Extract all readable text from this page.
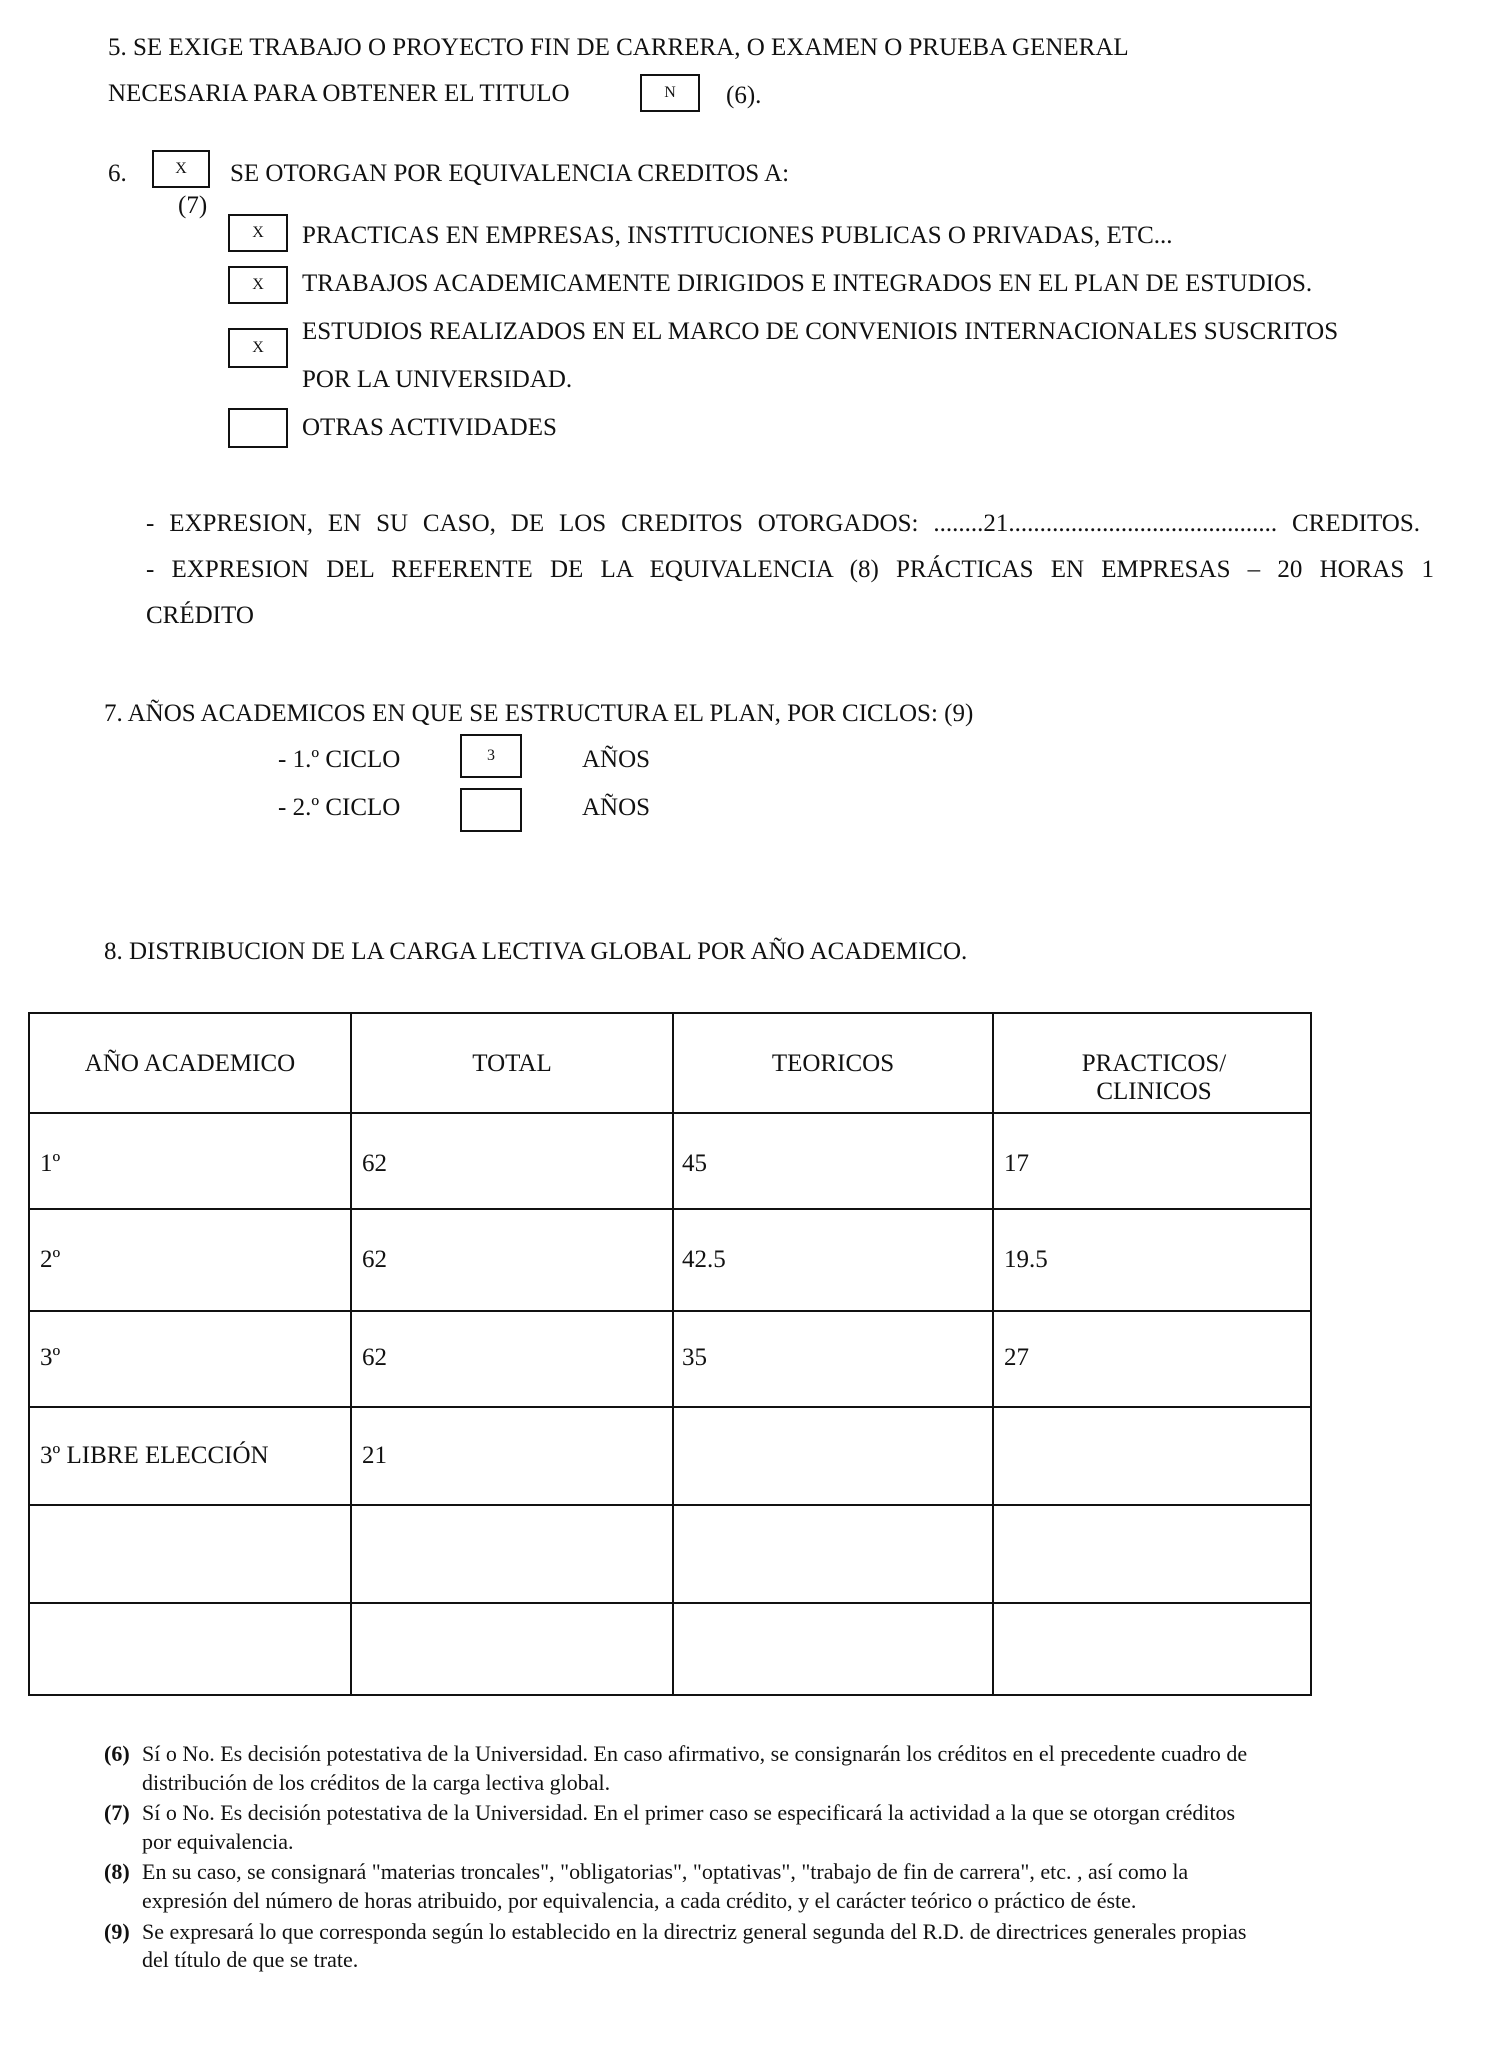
5. SE EXIGE TRABAJO O PROYECTO FIN DE CARRERA, O EXAMEN O PRUEBA GENERAL
NECESARIA PARA OBTENER EL TITULO	N	(6).
6.	X
(7)
SE OTORGAN POR EQUIVALENCIA CREDITOS A:
X	PRACTICAS EN EMPRESAS, INSTITUCIONES PUBLICAS O PRIVADAS, ETC...
X	TRABAJOS ACADEMICAMENTE DIRIGIDOS E INTEGRADOS EN EL PLAN DE ESTUDIOS.
X
ESTUDIOS REALIZADOS EN EL MARCO DE CONVENIOIS INTERNACIONALES SUSCRITOS
POR LA UNIVERSIDAD.
OTRAS ACTIVIDADES
- EXPRESION, EN SU CASO, DE LOS CREDITOS OTORGADOS: ........21........................................... CREDITOS.
- EXPRESION DEL REFERENTE DE LA EQUIVALENCIA (8) PRÁCTICAS EN EMPRESAS – 20 HORAS 1
CRÉDITO
7. AÑOS ACADEMICOS EN QUE SE ESTRUCTURA EL PLAN, POR CICLOS: (9)
- 1.º CICLO	3	AÑOS
- 2.º CICLO	AÑOS
8. DISTRIBUCION DE LA CARGA LECTIVA GLOBAL POR AÑO ACADEMICO.
AÑO ACADEMICO	TOTAL	TEORICOS	PRACTICOS/ CLINICOS
1º	62	45	17
2º	62	42.5	19.5
3º	62	35	27
3º LIBRE ELECCIÓN	21
(6) Sí o No. Es decisión potestativa de la Universidad. En caso afirmativo, se consignarán los créditos en el precedente cuadro de distribución de los créditos de la carga lectiva global.
(7) Sí o No. Es decisión potestativa de la Universidad. En el primer caso se especificará la actividad a la que se otorgan créditos por equivalencia.
(8) En su caso, se consignará "materias troncales", "obligatorias", "optativas", "trabajo de fin de carrera", etc. , así como la expresión del número de horas atribuido, por equivalencia, a cada crédito, y el carácter teórico o práctico de éste.
(9) Se expresará lo que corresponda según lo establecido en la directriz general segunda del R.D. de directrices generales propias del título de que se trate.
